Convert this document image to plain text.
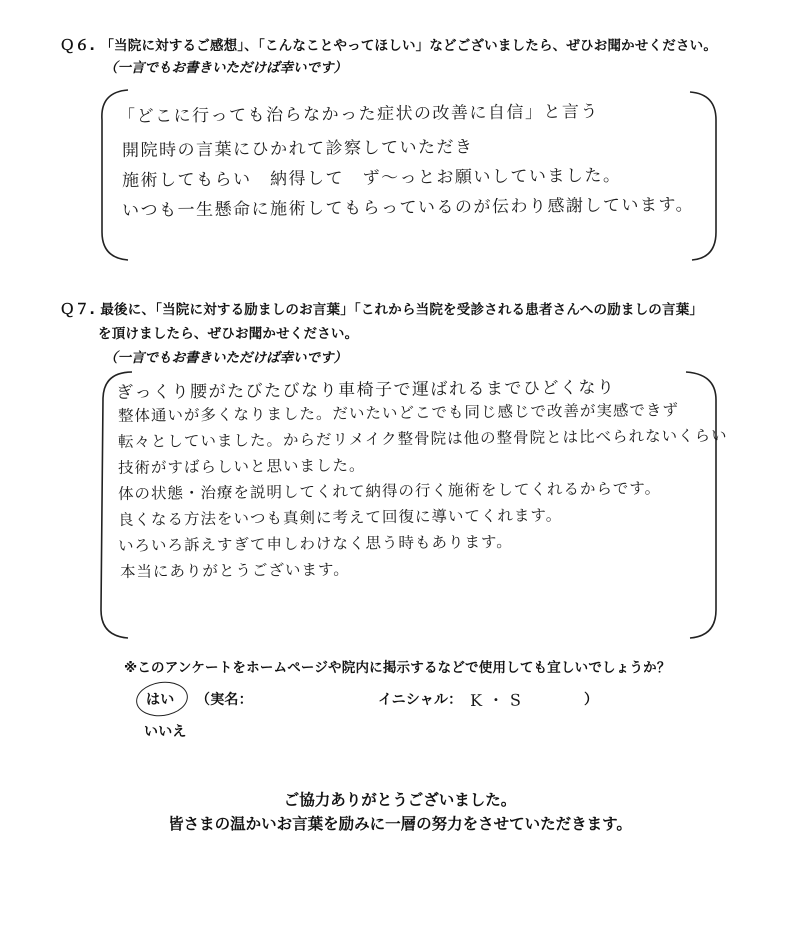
Ｑ６. 「当院に対するご感想」、「こんなことやってほしい」などございましたら、ぜひお聞かせください。
（一言でもお書きいただけば幸いです）
「どこに行っても治らなかった症状の改善に自信」と言う
開院時の言葉にひかれて診察していただき
施術してもらい　納得して　ず〜っとお願いしていました。
いつも一生懸命に施術してもらっているのが伝わり感謝しています。
Ｑ７. 最後に、「当院に対する励ましのお言葉」「これから当院を受診される患者さんへの励ましの言葉」
を頂けましたら、ぜひお聞かせください。
（一言でもお書きいただけば幸いです）
ぎっくり腰がたびたびなり車椅子で運ばれるまでひどくなり
整体通いが多くなりました。だいたいどこでも同じ感じで改善が実感できず
転々としていました。からだリメイク整骨院は他の整骨院とは比べられないくらい
技術がすばらしいと思いました。
体の状態・治療を説明してくれて納得の行く施術をしてくれるからです。
良くなる方法をいつも真剣に考えて回復に導いてくれます。
いろいろ訴えすぎて申しわけなく思う時もあります。
本当にありがとうございます。
※このアンケートをホームページや院内に掲示するなどで使用しても宜しいでしょうか？
はい （実名：	イニシャル： K・S	）
いいえ
ご協力ありがとうございました。
皆さまの温かいお言葉を励みに一層の努力をさせていただきます。
